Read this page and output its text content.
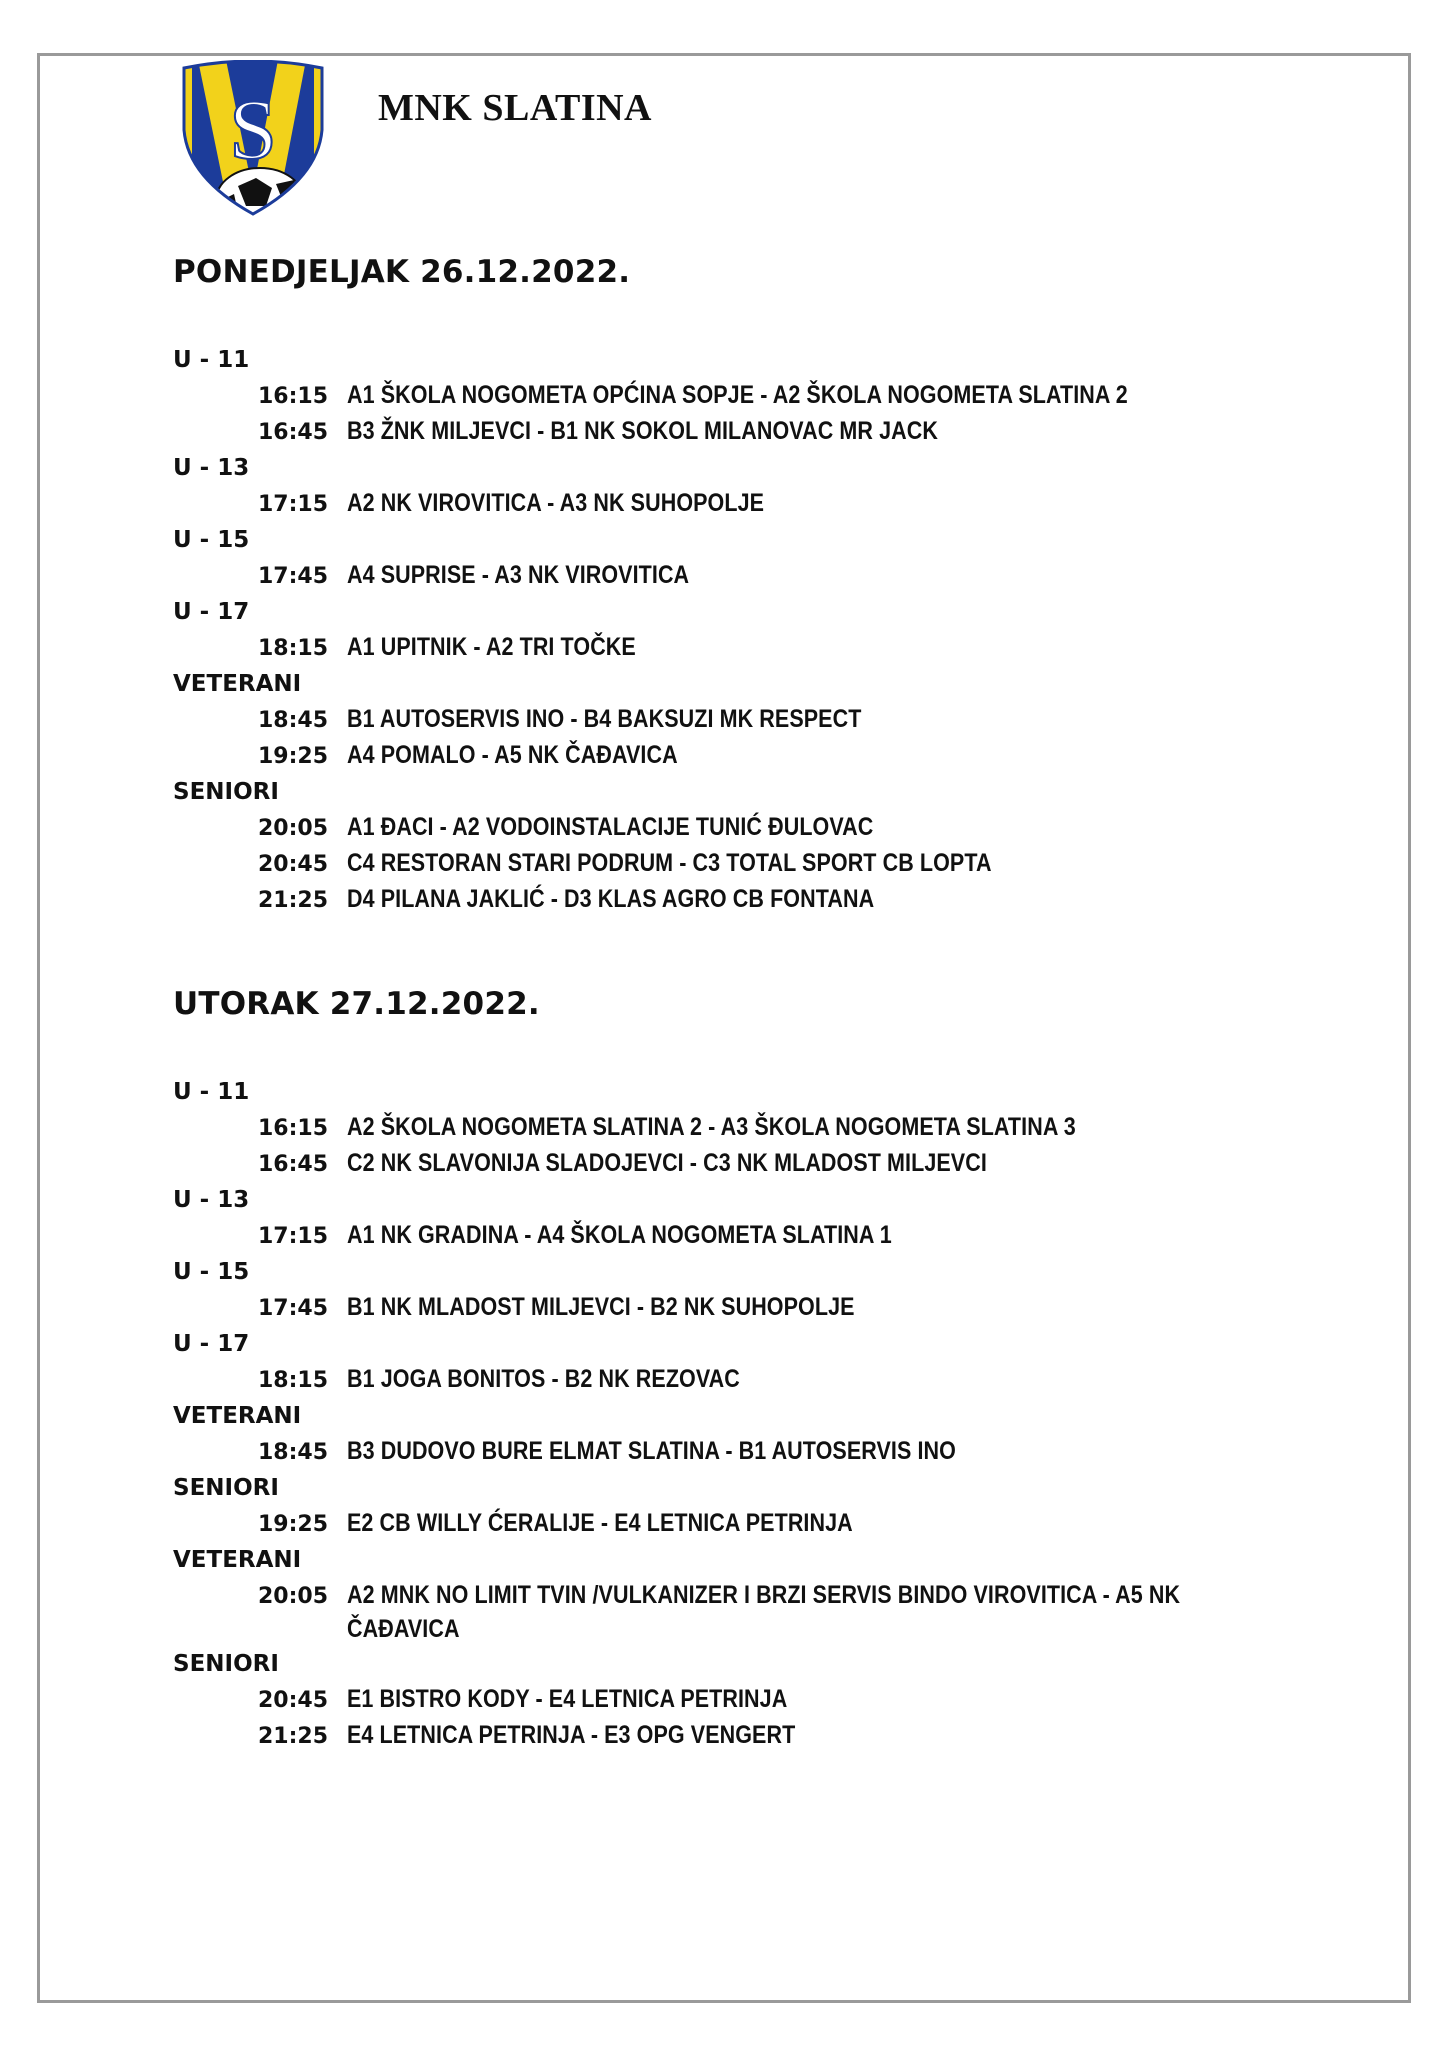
S	MNK SLATINA
PONEDJELJAK 26.12.2022.
U - 11
16:15 A1 ŠKOLA NOGOMETA OPĆINA SOPJE - A2 ŠKOLA NOGOMETA SLATINA 2
16:45 B3 ŽNK MILJEVCI - B1 NK SOKOL MILANOVAC MR JACK
U - 13
17:15 A2 NK VIROVITICA - A3 NK SUHOPOLJE
U - 15
17:45 A4 SUPRISE - A3 NK VIROVITICA
U - 17
18:15 A1 UPITNIK - A2 TRI TOČKE
VETERANI
18:45 B1 AUTOSERVIS INO - B4 BAKSUZI MK RESPECT
19:25 A4 POMALO - A5 NK ČAĐAVICA
SENIORI
20:05 A1 ĐACI - A2 VODOINSTALACIJE TUNIĆ ĐULOVAC
20:45 C4 RESTORAN STARI PODRUM - C3 TOTAL SPORT CB LOPTA
21:25 D4 PILANA JAKLIĆ - D3 KLAS AGRO CB FONTANA
UTORAK 27.12.2022.
U - 11
16:15 A2 ŠKOLA NOGOMETA SLATINA 2 - A3 ŠKOLA NOGOMETA SLATINA 3
16:45 C2 NK SLAVONIJA SLADOJEVCI - C3 NK MLADOST MILJEVCI
U - 13
17:15 A1 NK GRADINA - A4 ŠKOLA NOGOMETA SLATINA 1
U - 15
17:45 B1 NK MLADOST MILJEVCI - B2 NK SUHOPOLJE
U - 17
18:15 B1 JOGA BONITOS - B2 NK REZOVAC
VETERANI
18:45 B3 DUDOVO BURE ELMAT SLATINA - B1 AUTOSERVIS INO
SENIORI
19:25 E2 CB WILLY ĆERALIJE - E4 LETNICA PETRINJA
VETERANI
20:05 A2 MNK NO LIMIT TVIN /VULKANIZER I BRZI SERVIS BINDO VIROVITICA - A5 NK ČAĐAVICA
SENIORI
20:45 E1 BISTRO KODY - E4 LETNICA PETRINJA
21:25 E4 LETNICA PETRINJA - E3 OPG VENGERT
